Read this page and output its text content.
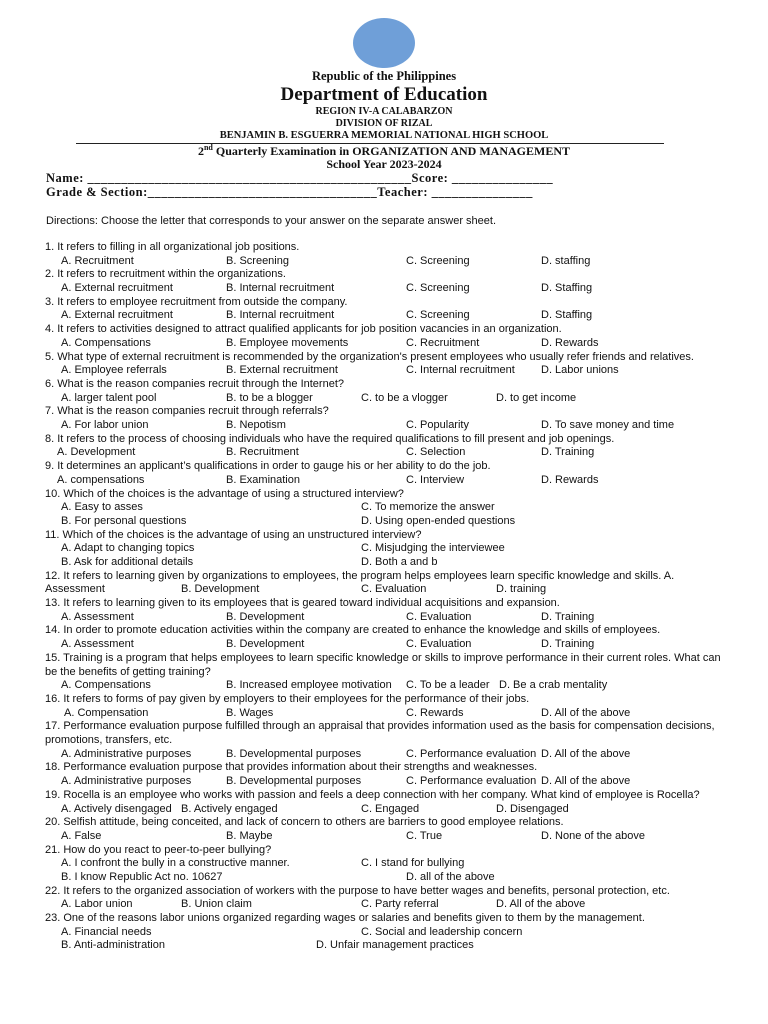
Republic of the Philippines
Department of Education
REGION IV-A CALABARZON
DIVISION OF RIZAL
BENJAMIN B. ESGUERRA MEMORIAL NATIONAL HIGH SCHOOL
2nd Quarterly Examination in ORGANIZATION AND MANAGEMENT
School Year 2023-2024
Name: ________________________________________________Score: _______________
Grade & Section:__________________________________Teacher: _______________
Directions: Choose the letter that corresponds to your answer on the separate answer sheet.
1. It refers to filling in all organizational job positions.
A. Recruitment	B. Screening	C. Screening	D. staffing
2. It refers to recruitment within the organizations.
A. External recruitment	B. Internal recruitment	C. Screening	D. Staffing
3. It refers to employee recruitment from outside the company.
A. External recruitment	B. Internal recruitment	C. Screening	D. Staffing
4. It refers to activities designed to attract qualified applicants for job position vacancies in an organization.
A. Compensations	B. Employee movements	C. Recruitment	D. Rewards
5. What type of external recruitment is recommended by the organization's present employees who usually refer friends and relatives.
A. Employee referrals	B. External recruitment	C. Internal recruitment D. Labor unions
6. What is the reason companies recruit through the Internet?
A. larger talent pool	B. to be a blogger	C. to be a vlogger	D. to get income
7. What is the reason companies recruit through referrals?
A. For labor union	B. Nepotism	C. Popularity	D. To save money and time
8. It refers to the process of choosing individuals who have the required qualifications to fill present and job openings.
A. Development	B. Recruitment	C. Selection	D. Training
9. It determines an applicant’s qualifications in order to gauge his or her ability to do the job.
A. compensations	B. Examination	C. Interview	D. Rewards
10. Which of the choices is the advantage of using a structured interview?
A. Easy to asses	C. To memorize the answer
B. For personal questions	D. Using open-ended questions
11. Which of the choices is the advantage of using an unstructured interview?
A. Adapt to changing topics	C. Misjudging the interviewee
B. Ask for additional details	D. Both a and b
12. It refers to learning given by organizations to employees, the program helps employees learn specific knowledge and skills. A.
Assessment	B. Development	C. Evaluation	D. training
13. It refers to learning given to its employees that is geared toward individual acquisitions and expansion.
A. Assessment	B. Development	C. Evaluation	D. Training
14. In order to promote education activities within the company are created to enhance the knowledge and skills of employees.
A. Assessment	B. Development	C. Evaluation	D. Training
15. Training is a program that helps employees to learn specific knowledge or skills to improve performance in their current roles. What can be the benefits of getting training?
A. Compensations	B. Increased employee motivation C. To be a leader D. Be a crab mentality
16. It refers to forms of pay given by employers to their employees for the performance of their jobs.
A. Compensation	B. Wages	C. Rewards	D. All of the above
17. Performance evaluation purpose fulfilled through an appraisal that provides information used as the basis for compensation decisions, promotions, transfers, etc.
A. Administrative purposes	B. Developmental purposes	C. Performance evaluation D. All of the above
18. Performance evaluation purpose that provides information about their strengths and weaknesses.
A. Administrative purposes	B. Developmental purposes	C. Performance evaluation D. All of the above
19. Rocella is an employee who works with passion and feels a deep connection with her company. What kind of employee is Rocella?
A. Actively disengaged B. Actively engaged	C. Engaged	D. Disengaged
20. Selfish attitude, being conceited, and lack of concern to others are barriers to good employee relations.
A. False	B. Maybe	C. True	D. None of the above
21. How do you react to peer-to-peer bullying?
A. I confront the bully in a constructive manner.	C. I stand for bullying
B. I know Republic Act no. 10627	D. all of the above
22. It refers to the organized association of workers with the purpose to have better wages and benefits, personal protection, etc.
A. Labor union	B. Union claim	C. Party referral	D. All of the above
23. One of the reasons labor unions organized regarding wages or salaries and benefits given to them by the management.
A. Financial needs	C. Social and leadership concern
B. Anti-administration	D. Unfair management practices
